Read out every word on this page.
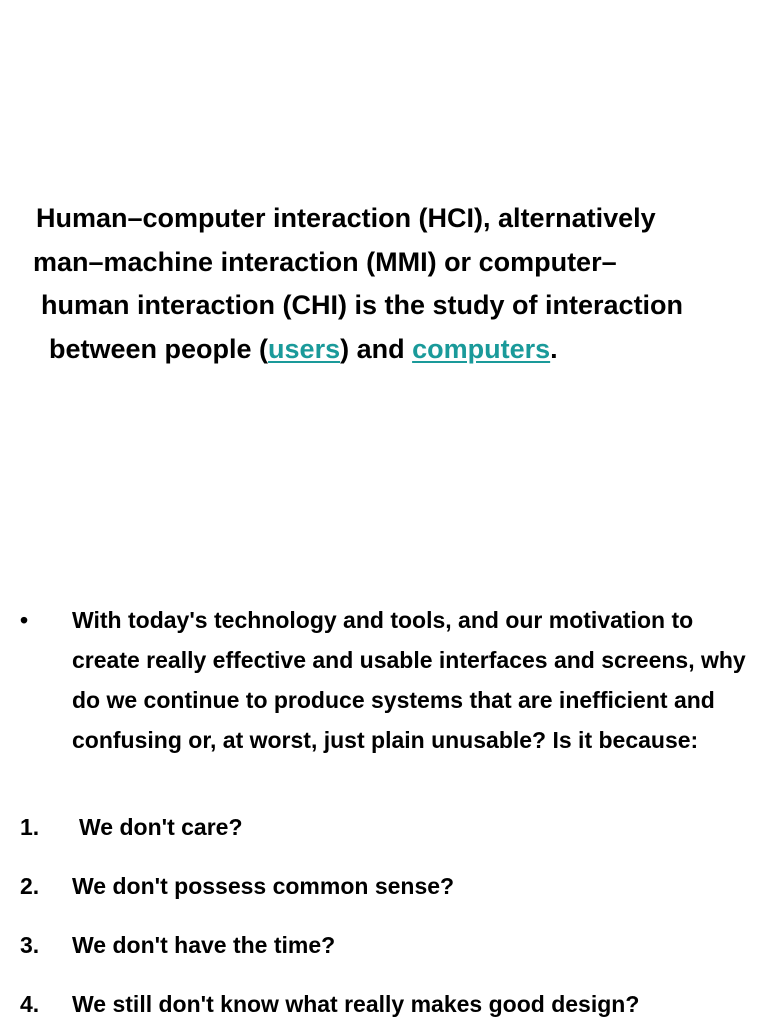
Human–computer interaction (HCI), alternatively
man–machine interaction (MMI) or computer–
human interaction (CHI) is the study of interaction
between people (users) and computers.
• With today's technology and tools, and our motivation to create really effective and usable interfaces and screens, why do we continue to produce systems that are inefficient and confusing or, at worst, just plain unusable? Is it because:
1. We don't care?
2. We don't possess common sense?
3. We don't have the time?
4. We still don't know what really makes good design?
